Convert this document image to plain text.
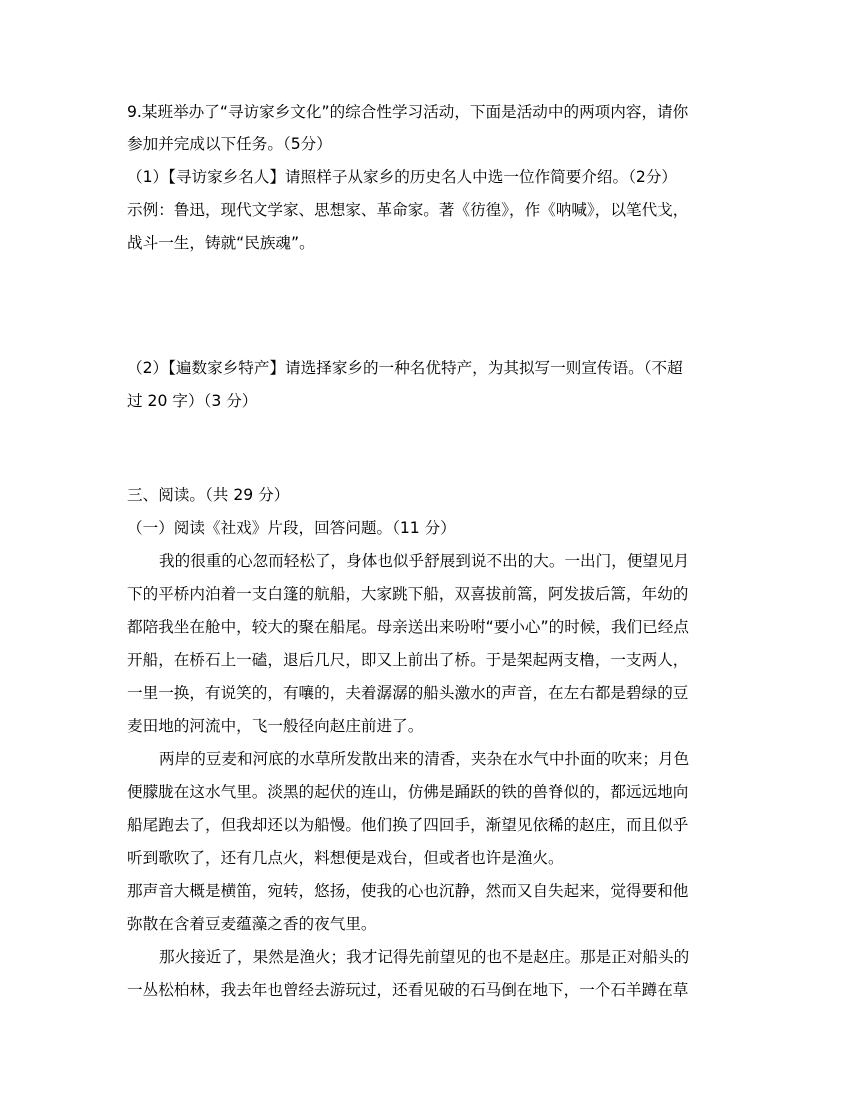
9.某班举办了“寻访家乡文化”的综合性学习活动，下面是活动中的两项内容，请你
参加并完成以下任务。（5分）
（1）【寻访家乡名人】请照样子从家乡的历史名人中选一位作简要介绍。（2分）
示例：鲁迅，现代文学家、思想家、革命家。著《彷徨》，作《呐喊》，以笔代戈，
战斗一生，铸就“民族魂”。
（2）【遍数家乡特产】请选择家乡的一种名优特产，为其拟写一则宣传语。（不超
过 20 字）（3 分）
三、阅读。（共 29 分）
（一）阅读《社戏》片段，回答问题。（11 分）
我的很重的心忽而轻松了，身体也似乎舒展到说不出的大。一出门，便望见月
下的平桥内泊着一支白篷的航船，大家跳下船，双喜拔前篙，阿发拔后篙，年幼的
都陪我坐在舱中，较大的聚在船尾。母亲送出来吩咐“要小心”的时候，我们已经点
开船，在桥石上一磕，退后几尺，即又上前出了桥。于是架起两支橹，一支两人，
一里一换，有说笑的，有嚷的，夫着潺潺的船头激水的声音，在左右都是碧绿的豆
麦田地的河流中，飞一般径向赵庄前进了。
两岸的豆麦和河底的水草所发散出来的清香，夹杂在水气中扑面的吹来；月色
便朦胧在这水气里。淡黑的起伏的连山，仿佛是踊跃的铁的兽脊似的，都远远地向
船尾跑去了，但我却还以为船慢。他们换了四回手，渐望见依稀的赵庄，而且似乎
听到歌吹了，还有几点火，料想便是戏台，但或者也许是渔火。
那声音大概是横笛，宛转，悠扬，使我的心也沉静，然而又自失起来，觉得要和他
弥散在含着豆麦蕴藻之香的夜气里。
那火接近了，果然是渔火；我才记得先前望见的也不是赵庄。那是正对船头的
一丛松柏林，我去年也曾经去游玩过，还看见破的石马倒在地下，一个石羊蹲在草
